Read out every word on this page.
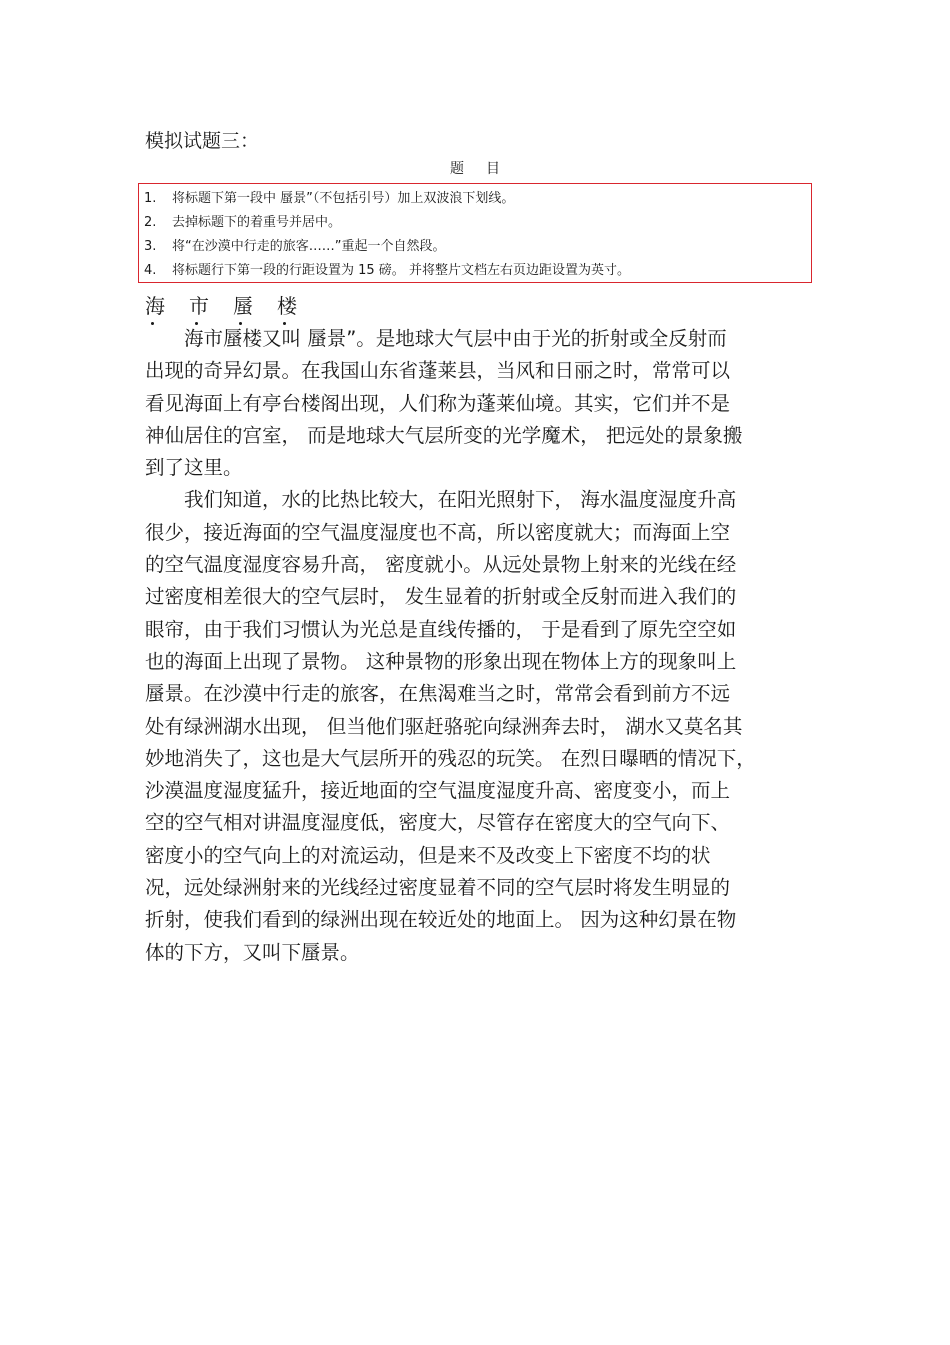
模拟试题三：
题目
1.	将标题下第一段中 蜃景”（不包括引号）加上双波浪下划线。
2.	去掉标题下的着重号并居中。
3.	将“在沙漠中行走的旅客……”重起一个自然段。
4.	将标题行下第一段的行距设置为 15 磅。 并将整片文档左右页边距设置为英寸。
海	市	蜃	楼
　　海市蜃楼又叫 蜃景”。是地球大气层中由于光的折射或全反射而
出现的奇异幻景。在我国山东省蓬莱县，当风和日丽之时，常常可以
看见海面上有亭台楼阁出现，人们称为蓬莱仙境。其实，它们并不是
神仙居住的宫室， 而是地球大气层所变的光学魔术， 把远处的景象搬
到了这里。
　　我们知道，水的比热比较大，在阳光照射下， 海水温度湿度升高
很少，接近海面的空气温度湿度也不高，所以密度就大；而海面上空
的空气温度湿度容易升高， 密度就小。从远处景物上射来的光线在经
过密度相差很大的空气层时， 发生显着的折射或全反射而进入我们的
眼帘，由于我们习惯认为光总是直线传播的， 于是看到了原先空空如
也的海面上出现了景物。 这种景物的形象出现在物体上方的现象叫上
蜃景。在沙漠中行走的旅客，在焦渴难当之时，常常会看到前方不远
处有绿洲湖水出现， 但当他们驱赶骆驼向绿洲奔去时， 湖水又莫名其
妙地消失了，这也是大气层所开的残忍的玩笑。 在烈日曝晒的情况下，
沙漠温度湿度猛升，接近地面的空气温度湿度升高、密度变小，而上
空的空气相对讲温度湿度低，密度大，尽管存在密度大的空气向下、
密度小的空气向上的对流运动，但是来不及改变上下密度不均的状
况，远处绿洲射来的光线经过密度显着不同的空气层时将发生明显的
折射，使我们看到的绿洲出现在较近处的地面上。 因为这种幻景在物
体的下方，又叫下蜃景。
